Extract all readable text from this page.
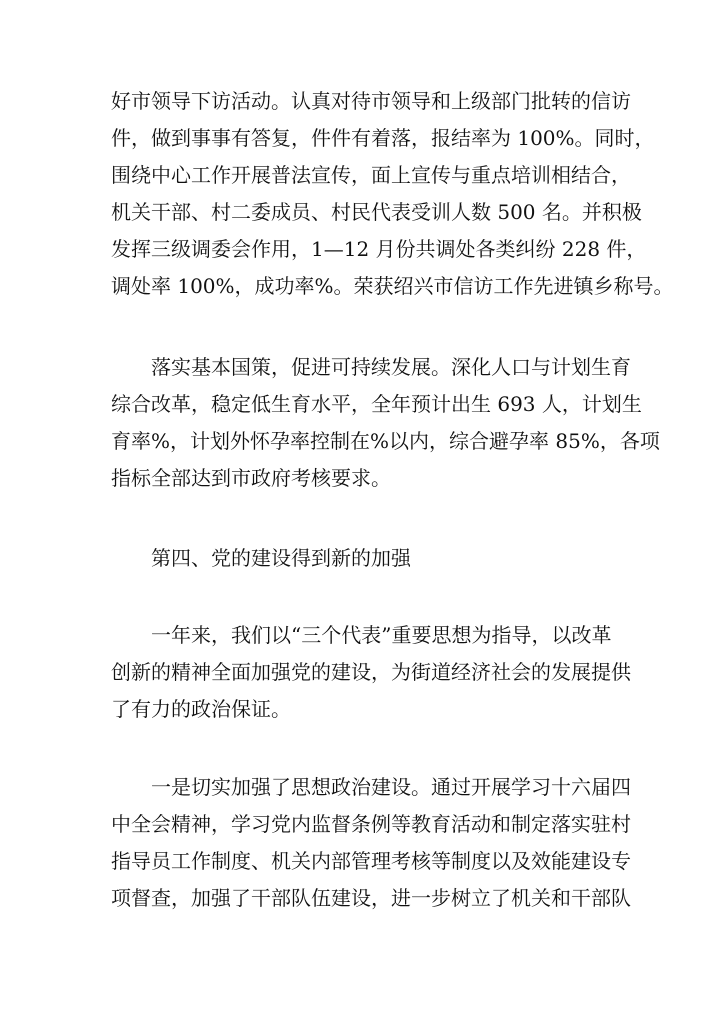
好市领导下访活动。认真对待市领导和上级部门批转的信访
件，做到事事有答复，件件有着落，报结率为 100%。同时，
围绕中心工作开展普法宣传，面上宣传与重点培训相结合，
机关干部、村二委成员、村民代表受训人数 500 名。并积极
发挥三级调委会作用，1—12 月份共调处各类纠纷 228 件，
调处率 100%，成功率%。荣获绍兴市信访工作先进镇乡称号。
落实基本国策，促进可持续发展。深化人口与计划生育
综合改革，稳定低生育水平，全年预计出生 693 人，计划生
育率%，计划外怀孕率控制在%以内，综合避孕率 85%，各项
指标全部达到市政府考核要求。
第四、党的建设得到新的加强
一年来，我们以“三个代表”重要思想为指导，以改革
创新的精神全面加强党的建设，为街道经济社会的发展提供
了有力的政治保证。
一是切实加强了思想政治建设。通过开展学习十六届四
中全会精神，学习党内监督条例等教育活动和制定落实驻村
指导员工作制度、机关内部管理考核等制度以及效能建设专
项督查，加强了干部队伍建设，进一步树立了机关和干部队
